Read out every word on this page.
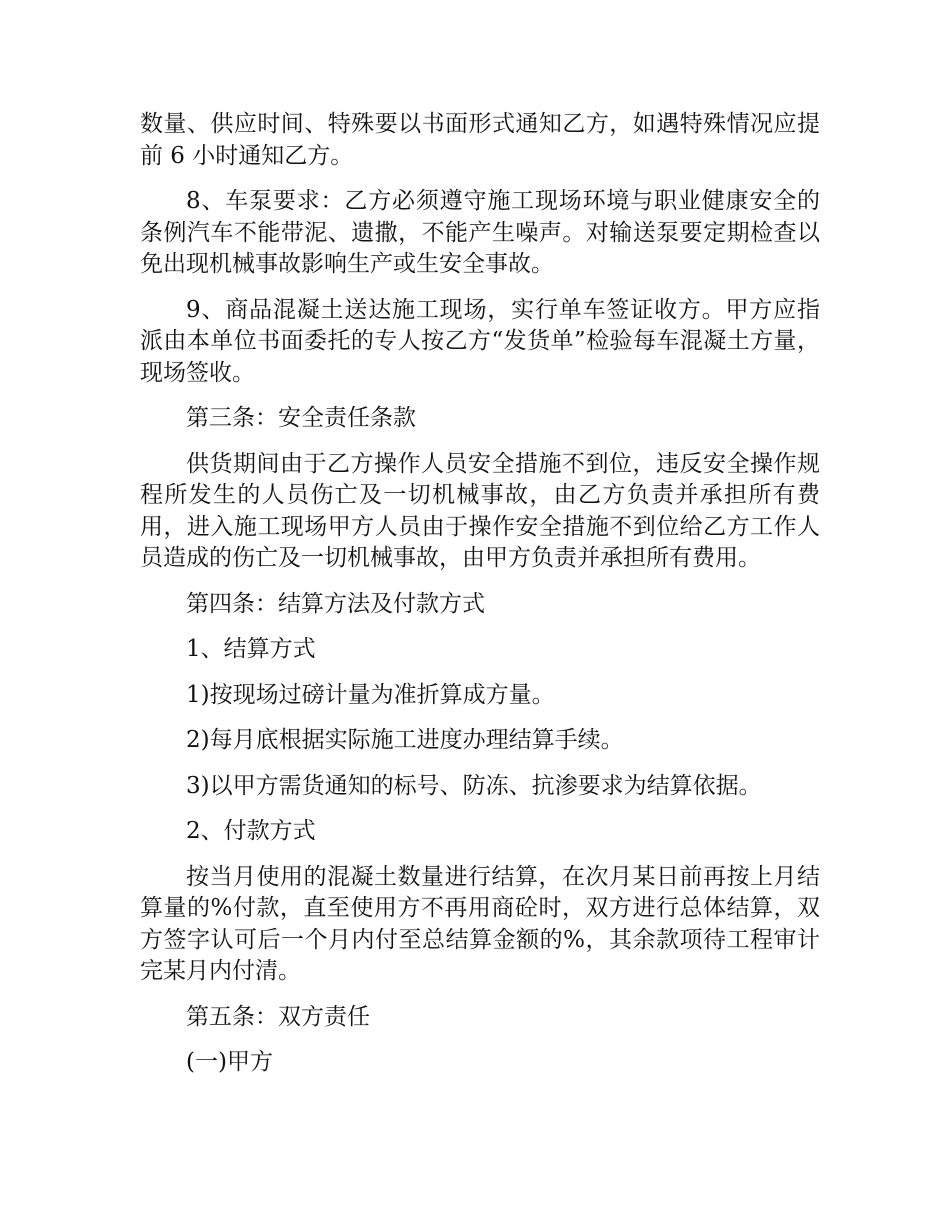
数量、供应时间、特殊要以书面形式通知乙方，如遇特殊情况应提前 6 小时通知乙方。

8、车泵要求：乙方必须遵守施工现场环境与职业健康安全的条例汽车不能带泥、遗撒，不能产生噪声。对输送泵要定期检查以免出现机械事故影响生产或生安全事故。

9、商品混凝土送达施工现场，实行单车签证收方。甲方应指派由本单位书面委托的专人按乙方“发货单”检验每车混凝土方量，现场签收。

第三条：安全责任条款

供货期间由于乙方操作人员安全措施不到位，违反安全操作规程所发生的人员伤亡及一切机械事故，由乙方负责并承担所有费用，进入施工现场甲方人员由于操作安全措施不到位给乙方工作人员造成的伤亡及一切机械事故，由甲方负责并承担所有费用。

第四条：结算方法及付款方式

1、结算方式

1)按现场过磅计量为准折算成方量。

2)每月底根据实际施工进度办理结算手续。

3)以甲方需货通知的标号、防冻、抗渗要求为结算依据。

2、付款方式

按当月使用的混凝土数量进行结算，在次月某日前再按上月结算量的%付款，直至使用方不再用商砼时，双方进行总体结算，双方签字认可后一个月内付至总结算金额的%，其余款项待工程审计完某月内付清。

第五条：双方责任

(一)甲方
